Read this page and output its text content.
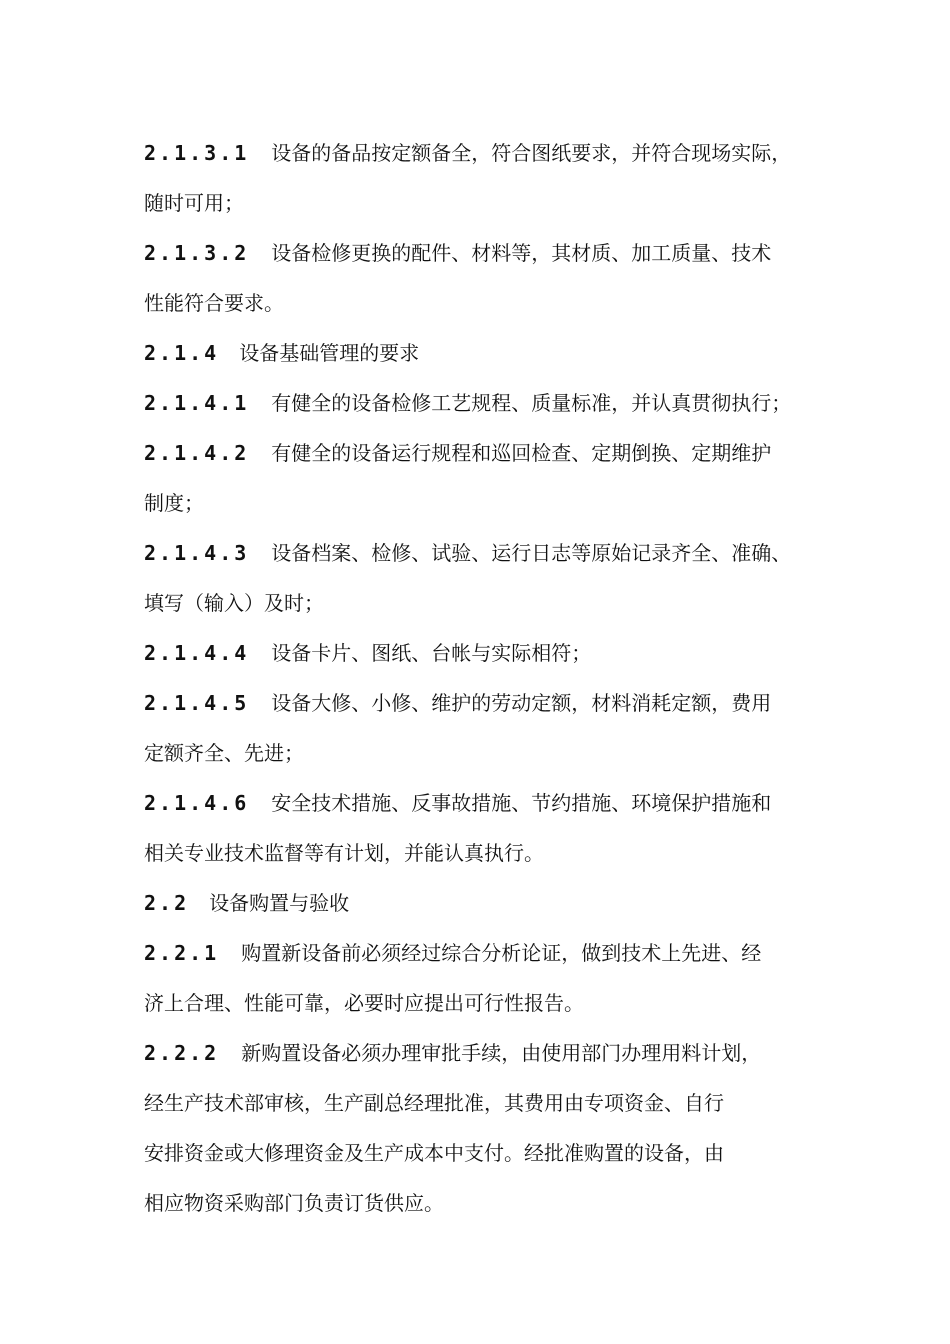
2.1.3.1 设备的备品按定额备全，符合图纸要求，并符合现场实际，
随时可用；
2.1.3.2 设备检修更换的配件、材料等，其材质、加工质量、技术
性能符合要求。
2.1.4 设备基础管理的要求
2.1.4.1 有健全的设备检修工艺规程、质量标准，并认真贯彻执行；
2.1.4.2 有健全的设备运行规程和巡回检查、定期倒换、定期维护
制度；
2.1.4.3 设备档案、检修、试验、运行日志等原始记录齐全、准确、
填写（输入）及时；
2.1.4.4 设备卡片、图纸、台帐与实际相符；
2.1.4.5 设备大修、小修、维护的劳动定额，材料消耗定额，费用
定额齐全、先进；
2.1.4.6 安全技术措施、反事故措施、节约措施、环境保护措施和
相关专业技术监督等有计划，并能认真执行。
2.2 设备购置与验收
2.2.1 购置新设备前必须经过综合分析论证，做到技术上先进、经
济上合理、性能可靠，必要时应提出可行性报告。
2.2.2 新购置设备必须办理审批手续，由使用部门办理用料计划，
经生产技术部审核，生产副总经理批准，其费用由专项资金、自行
安排资金或大修理资金及生产成本中支付。经批准购置的设备，由
相应物资采购部门负责订货供应。
